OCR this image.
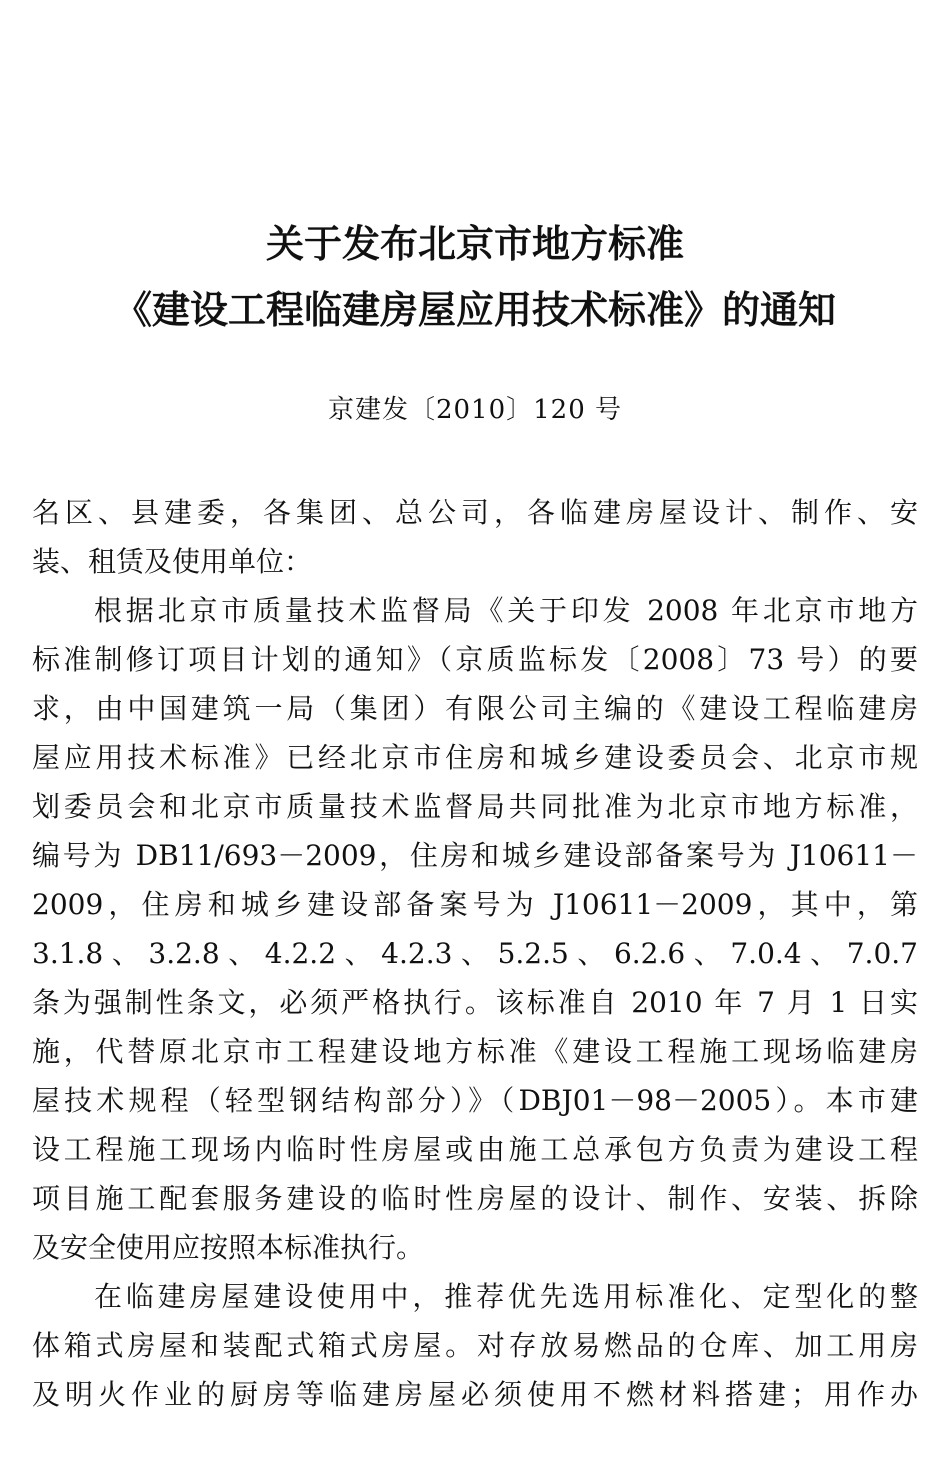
关于发布北京市地方标准
《建设工程临建房屋应用技术标准》的通知
京建发〔2010〕120 号
名区、县建委，各集团、总公司，各临建房屋设计、制作、安
装、租赁及使用单位：
根据北京市质量技术监督局《关于印发 2008 年北京市地方
标准制修订项目计划的通知》（京质监标发〔2008〕73 号）的要
求，由中国建筑一局（集团）有限公司主编的《建设工程临建房
屋应用技术标准》已经北京市住房和城乡建设委员会、北京市规
划委员会和北京市质量技术监督局共同批准为北京市地方标准，
编号为 DB11/693－2009，住房和城乡建设部备案号为 J10611－
2009，住房和城乡建设部备案号为 J10611－2009，其中，第
3.1.8、3.2.8、4.2.2、4.2.3、5.2.5、6.2.6、7.0.4、7.0.7
条为强制性条文，必须严格执行。该标准自 2010 年 7 月 1 日实
施，代替原北京市工程建设地方标准《建设工程施工现场临建房
屋技术规程（轻型钢结构部分）》（DBJ01－98－2005）。本市建
设工程施工现场内临时性房屋或由施工总承包方负责为建设工程
项目施工配套服务建设的临时性房屋的设计、制作、安装、拆除
及安全使用应按照本标准执行。
在临建房屋建设使用中，推荐优先选用标准化、定型化的整
体箱式房屋和装配式箱式房屋。对存放易燃品的仓库、加工用房
及明火作业的厨房等临建房屋必须使用不燃材料搭建；用作办
